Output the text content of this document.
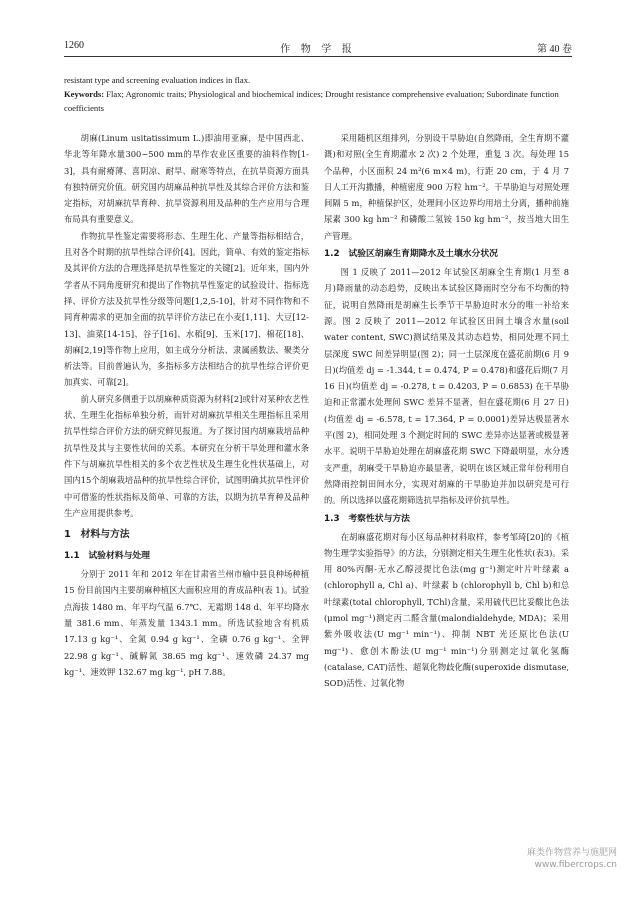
1260	作 物 学 报	第 40 卷
resistant type and screening evaluation indices in flax.
Keywords: Flax; Agronomic traits; Physiological and biochemical indices; Drought resistance comprehensive evaluation; Subordinate function coefficients

胡麻(Linum usitatissimum L.)即油用亚麻，是中国西北、华北等年降水量300~500 mm的旱作农业区重要的油料作物[1-3]，具有耐瘠薄、喜阴凉、耐旱、耐寒等特点，在抗旱资源方面具有独特研究价值。研究国内胡麻品种抗旱性及其综合评价方法和鉴定指标，对胡麻抗旱育种、抗旱资源利用及品种的生产应用与合理布局具有重要意义。

作物抗旱性鉴定需要将形态、生理生化、产量等指标相结合，且对各个时期的抗旱性综合评价[4]。因此，简单、有效的鉴定指标及其评价方法的合理选择是抗旱性鉴定的关键[2]。近年来，国内外学者从不同角度研究和提出了作物抗旱性鉴定的试验设计、指标选择、评价方法及抗旱性分级等问题[1,2,5-10]，针对不同作物和不同育种需求的更加全面的抗旱评价方法已在小麦[1,11]、大豆[12-13]、油菜[14-15]、谷子[16]、水稻[9]、玉米[17]、棉花[18]、胡麻[2,19]等作物上应用，如主成分分析法、隶属函数法、聚类分析法等。目前普遍认为，多指标多方法相结合的抗旱性综合评价更加真实、可靠[2]。

前人研究多侧重于以胡麻种质资源为材料[2]或针对某种农艺性状、生理生化指标单独分析，而针对胡麻抗旱相关生理指标且采用抗旱性综合评价方法的研究鲜见报道。为了探讨国内胡麻栽培品种抗旱性及其与主要性状间的关系。本研究在分析干旱处理和灌水条件下与胡麻抗旱性相关的多个农艺性状及生理生化性状基础上，对国内15个胡麻栽培品种的抗旱性综合评价，试图明确其抗旱性评价中可借鉴的性状指标及简单、可靠的方法，以期为抗旱育种及品种生产应用提供参考。

1　材料与方法
1.1　试验材料与处理

分别于 2011 年和 2012 年在甘肃省兰州市榆中县良种场种植 15 份目前国内主要胡麻种植区大面积应用的育成品种(表 1)。试验点海拔 1480 m、年平均气温 6.7℃、无霜期 148 d、年平均降水量 381.6 mm、年蒸发量 1343.1 mm。所选试验地含有机质 17.13 g kg⁻¹、全氮 0.94 g kg⁻¹、全磷 0.76 g kg⁻¹、全钾 22.98 g kg⁻¹、碱解氮 38.65 mg kg⁻¹、速效磷 24.37 mg kg⁻¹、速效钾 132.67 mg kg⁻¹, pH 7.88。

采用随机区组排列，分别设干旱胁迫(自然降雨，全生育期不灌溉)和对照(全生育期灌水 2 次) 2 个处理，重复 3 次。每处理 15 个品种，小区面积 24 m²(6 m×4 m)，行距 20 cm，于 4 月 7 日人工开沟撒播，种植密度 900 万粒 hm⁻²。干旱胁迫与对照处理间隔 5 m，种植保护区，处理间小区边界均用培土分离，播种前施尿素 300 kg hm⁻² 和磷酸二氢铵 150 kg hm⁻²，按当地大田生产管理。

1.2　试验区胡麻生育期降水及土壤水分状况

图 1 反映了 2011—2012 年试验区胡麻全生育期(1 月至 8 月)降雨量的动态趋势，反映出本试验区降雨时空分布不均衡的特征，说明自然降雨是胡麻生长季节干旱胁迫时水分的唯一补给来源。图 2 反映了 2011—2012 年试验区田间土壤含水量(soil water content, SWC)测试结果及其动态趋势，相同处理不同土层深度 SWC 间差异明显(图 2)；同一土层深度在盛花前期(6 月 9 日)(均值差 dj = -1.344, t = 0.474, P = 0.478)和盛花后期(7 月 16 日)(均值差 dj = -0.278, t = 0.4203, P = 0.6853) 在干旱胁迫和正常灌水处理间 SWC 差异不显著，但在盛花期(6 月 27 日) (均值差 dj = -6.578, t = 17.364, P = 0.0001)差异达极显著水平(图 2)，相同处理 3 个测定时间的 SWC 差异亦达显著或极显著水平。说明干旱胁迫处理在胡麻盛花期 SWC 下降最明显，水分透支严重，胡麻受干旱胁迫亦最显著，说明在该区域正常年份利用自然降雨控制田间水分，实现对胡麻的干旱胁迫并加以研究是可行的。所以选择以盛花期筛选抗旱指标及评价抗旱性。

1.3　考察性状与方法

在胡麻盛花期对每小区每品种材料取样，参考邹琦[20]的《植物生理学实验指导》的方法，分别测定相关生理生化性状(表3)。采用 80%丙酮-无水乙醇浸提比色法(mg g⁻¹)测定叶片叶绿素 a (chlorophyll a, Chl a)、叶绿素 b (chlorophyll b, Chl b)和总叶绿素(total chlorophyll, TChl)含量，采用硫代巴比妥酸比色法(μmol mg⁻¹)测定丙二醛含量(malondialdehyde, MDA)；采用紫外吸收法(U mg⁻¹ min⁻¹)、抑制 NBT 光还原比色法(U mg⁻¹)、愈创木酚法(U mg⁻¹ min⁻¹)分别测定过氧化氢酶(catalase, CAT)活性、超氧化物歧化酶(superoxide dismutase, SOD)活性、过氧化物

麻类作物营养与施肥网
www.fibercrops.cn
